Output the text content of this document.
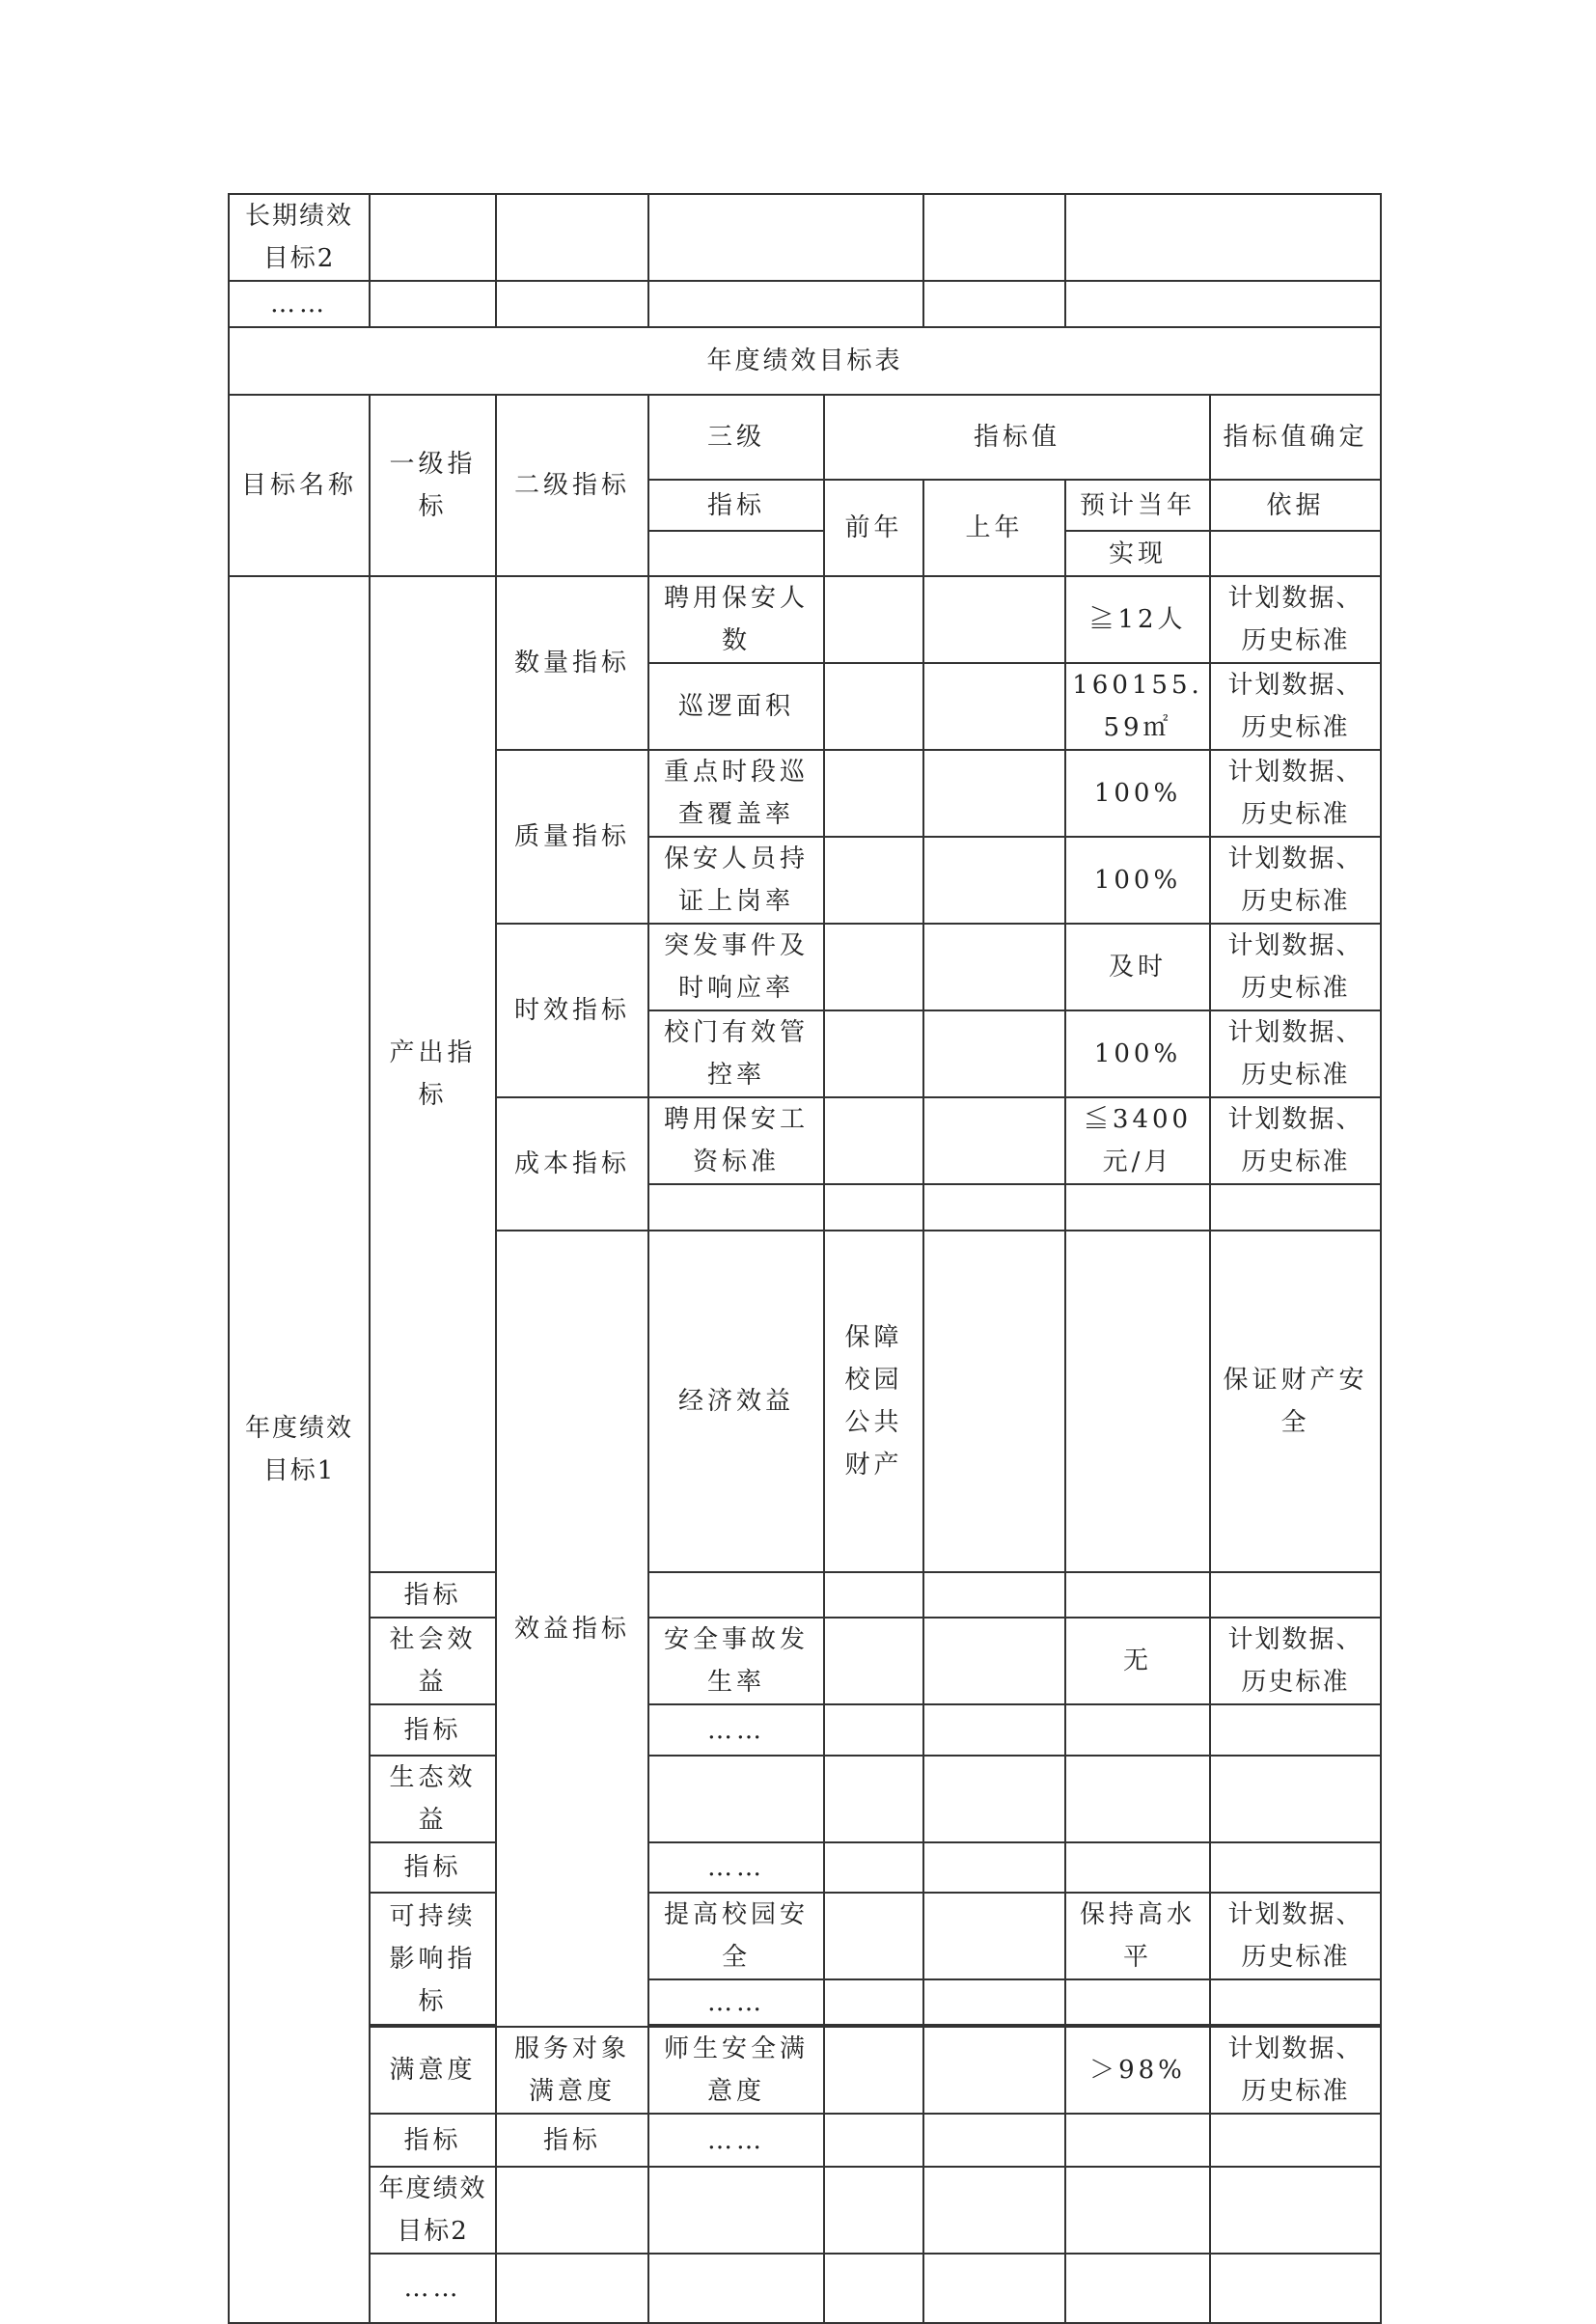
长期绩效目标2								
……								
年度绩效目标表								
目标名称	一级指标	二级指标	三级	指标值			指标值确定	
			指标	前年	上年	预计当年	依据	
						实现		
年度绩效目标1	产出指标	数量指标	聘用保安人数			≧12人	计划数据、历史标准	
			巡逻面积			160155.59㎡	计划数据、历史标准	
		质量指标	重点时段巡查覆盖率			100%	计划数据、历史标准	
			保安人员持证上岗率			100%	计划数据、历史标准	
		时效指标	突发事件及时响应率			及时	计划数据、历史标准	
			校门有效管控率			100%	计划数据、历史标准	
		成本指标	聘用保安工资标准			≦3400元/月	计划数据、历史标准	

		效益指标	经济效益	保障校园公共财产			保证财产安全	
	指标							
	社会效益		安全事故发生率			无	计划数据、历史标准	
	指标		……					
	生态效益							
	指标		……					
	可持续影响指标		提高校园安全			保持高水平	计划数据、历史标准	
			……					

	满意度	服务对象满意度	师生安全满意度			＞98%	计划数据、历史标准	
	指标	指标	……					
	年度绩效目标2							
	……							
